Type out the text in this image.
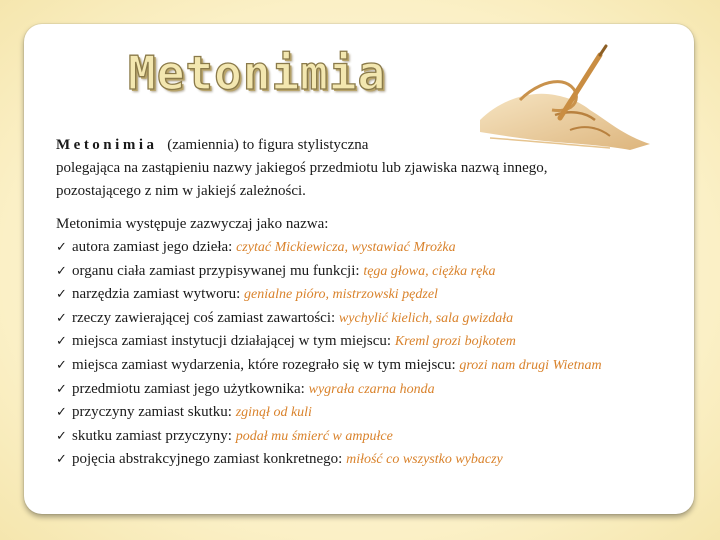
Metonimia

Metonimia (zamiennia) to figura stylistyczna
polegająca na zastąpieniu nazwy jakiegoś przedmiotu lub zjawiska nazwą innego,
pozostającego z nim w jakiejś zależności.

Metonimia występuje zazwyczaj jako nazwa:

✓ autora zamiast jego dzieła: czytać Mickiewicza, wystawiać Mrożka
✓ organu ciała zamiast przypisywanej mu funkcji: tęga głowa, ciężka ręka
✓ narzędzia zamiast wytworu: genialne pióro, mistrzowski pędzel
✓ rzeczy zawierającej coś zamiast zawartości: wychylić kielich, sala gwizdała
✓ miejsca zamiast instytucji działającej w tym miejscu: Kreml grozi bojkotem
✓ miejsca zamiast wydarzenia, które rozegrało się w tym miejscu: grozi nam drugi Wietnam
✓ przedmiotu zamiast jego użytkownika: wygrała czarna honda
✓ przyczyny zamiast skutku: zginął od kuli
✓ skutku zamiast przyczyny: podał mu śmierć w ampułce
✓ pojęcia abstrakcyjnego zamiast konkretnego: miłość co wszystko wybaczy
